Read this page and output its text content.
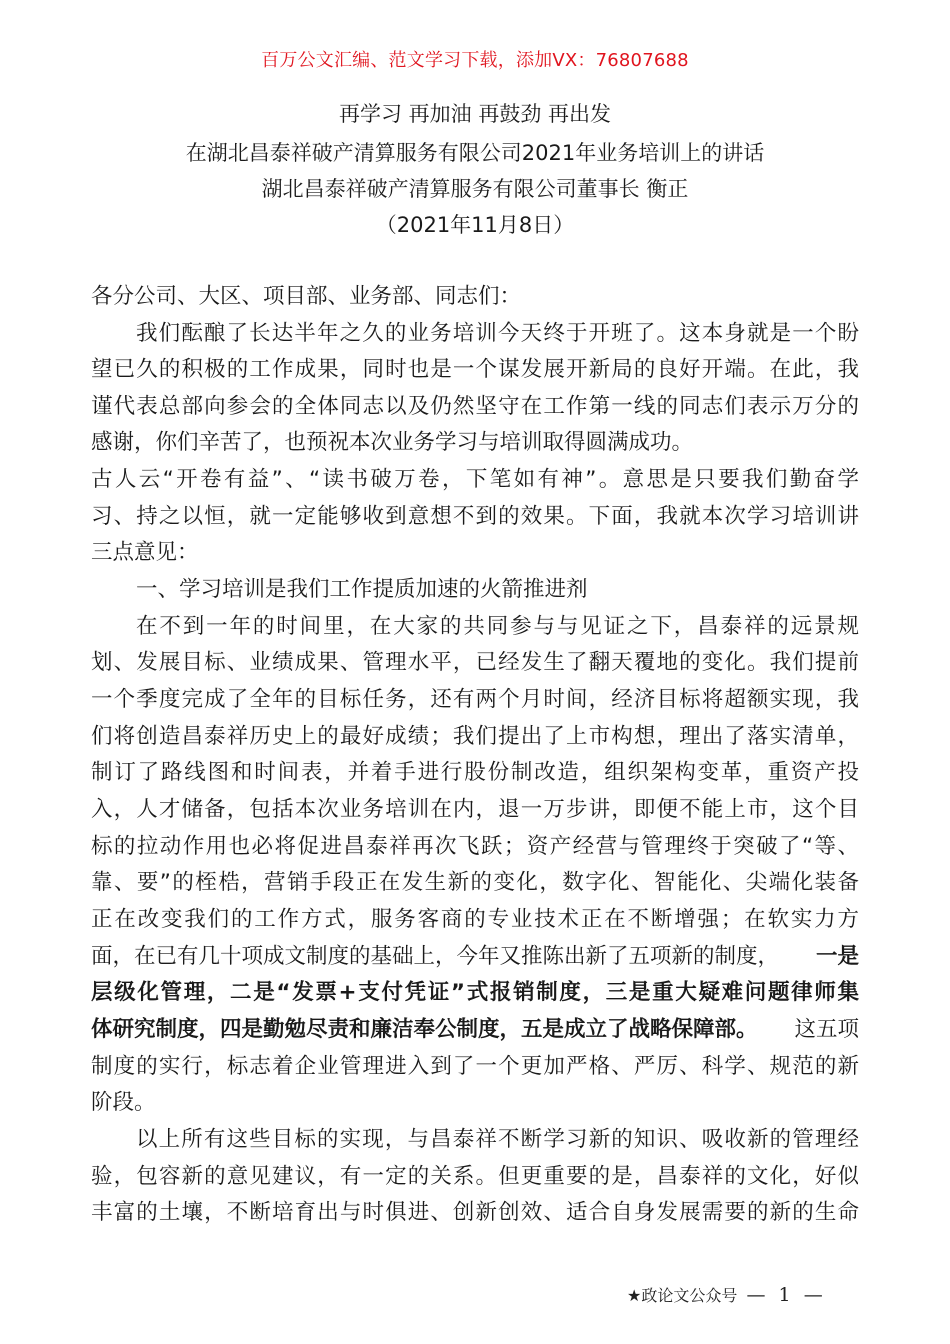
百万公文汇编、范文学习下载，添加VX：76807688
再学习 再加油 再鼓劲 再出发
在湖北昌泰祥破产清算服务有限公司2021年业务培训上的讲话
湖北昌泰祥破产清算服务有限公司董事长 衡正
（2021年11月8日）
各分公司、大区、项目部、业务部、同志们：
我们酝酿了长达半年之久的业务培训今天终于开班了。这本身就是一个盼
望已久的积极的工作成果，同时也是一个谋发展开新局的良好开端。在此，我
谨代表总部向参会的全体同志以及仍然坚守在工作第一线的同志们表示万分的
感谢，你们辛苦了，也预祝本次业务学习与培训取得圆满成功。
古人云“开卷有益”、“读书破万卷，下笔如有神”。意思是只要我们勤奋学
习、持之以恒，就一定能够收到意想不到的效果。下面，我就本次学习培训讲
三点意见：
一、学习培训是我们工作提质加速的火箭推进剂
在不到一年的时间里，在大家的共同参与与见证之下，昌泰祥的远景规
划、发展目标、业绩成果、管理水平，已经发生了翻天覆地的变化。我们提前
一个季度完成了全年的目标任务，还有两个月时间，经济目标将超额实现，我
们将创造昌泰祥历史上的最好成绩；我们提出了上市构想，理出了落实清单，
制订了路线图和时间表，并着手进行股份制改造，组织架构变革，重资产投
入，人才储备，包括本次业务培训在内，退一万步讲，即便不能上市，这个目
标的拉动作用也必将促进昌泰祥再次飞跃；资产经营与管理终于突破了“等、
靠、要”的桎梏，营销手段正在发生新的变化，数字化、智能化、尖端化装备
正在改变我们的工作方式，服务客商的专业技术正在不断增强；在软实力方
面，在已有几十项成文制度的基础上，今年又推陈出新了五项新的制度， 一是
层级化管理，二是“发票+支付凭证”式报销制度，三是重大疑难问题律师集
体研究制度，四是勤勉尽责和廉洁奉公制度，五是成立了战略保障部。 这五项
制度的实行，标志着企业管理进入到了一个更加严格、严厉、科学、规范的新
阶段。
以上所有这些目标的实现，与昌泰祥不断学习新的知识、吸收新的管理经
验，包容新的意见建议，有一定的关系。但更重要的是，昌泰祥的文化，好似
丰富的土壤，不断培育出与时俱进、创新创效、适合自身发展需要的新的生命
★政论文公众号 — 1 —
